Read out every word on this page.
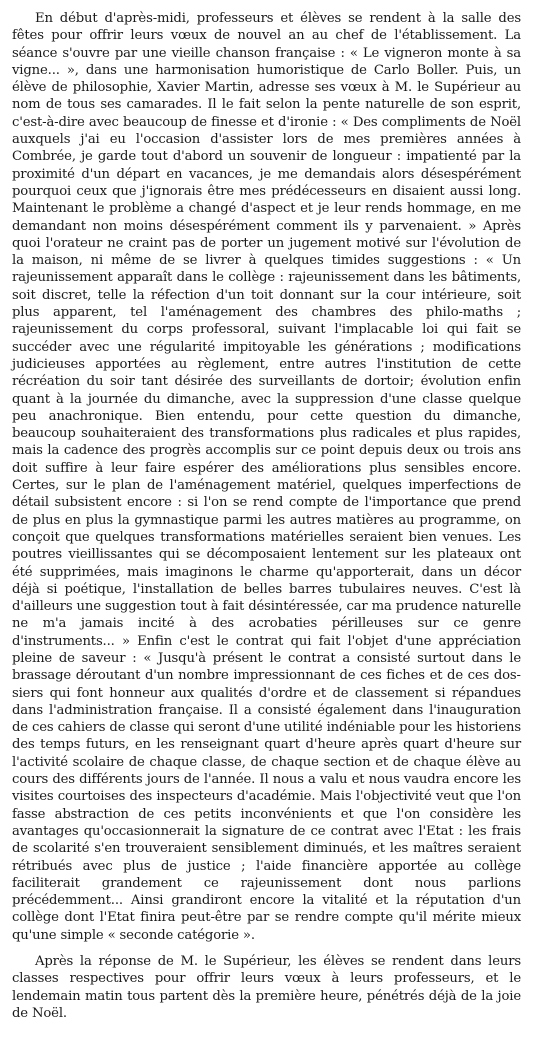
En début d'après-midi, professeurs et élèves se rendent à la salle des fêtes pour offrir leurs vœux de nouvel an au chef de l'établissement. La séance s'ouvre par une vieille chanson française : « Le vigneron monte à sa vigne... », dans une harmonisation humoristique de Carlo Boller. Puis, un élève de philosophie, Xavier Martin, adresse ses vœux à M. le Supérieur au nom de tous ses camarades. Il le fait selon la pente naturelle de son esprit, c'est-à-dire avec beaucoup de finesse et d'ironie : « Des compliments de Noël auxquels j'ai eu l'occasion d'assister lors de mes premières années à Combrée, je garde tout d'abord un souvenir de longueur : impatienté par la proximité d'un départ en vacances, je me demandais alors désespérément pourquoi ceux que j'ignorais être mes prédécesseurs en disaient aussi long. Maintenant le problème a changé d'aspect et je leur rends hommage, en me demandant non moins désespérément comment ils y parvenaient. » Après quoi l'orateur ne craint pas de porter un jugement motivé sur l'évolution de la maison, ni même de se livrer à quelques timides suggestions : « Un rajeunissement apparaît dans le collège : rajeunissement dans les bâtiments, soit discret, telle la réfection d'un toit donnant sur la cour intérieure, soit plus apparent, tel l'aménagement des chambres des philo-maths ; rajeunissement du corps professoral, suivant l'implacable loi qui fait se succéder avec une régularité impitoyable les générations ; modifications judicieuses apportées au règlement, entre autres l'institution de cette récréation du soir tant désirée des surveillants de dortoir; évolution enfin quant à la journée du dimanche, avec la suppression d'une classe quelque peu anachronique. Bien entendu, pour cette question du dimanche, beaucoup souhaiteraient des transformations plus radicales et plus rapides, mais la cadence des progrès accomplis sur ce point depuis deux ou trois ans doit suffire à leur faire espérer des améliorations plus sensibles encore. Certes, sur le plan de l'aménagement matériel, quelques imperfections de détail subsistent encore : si l'on se rend compte de l'importance que prend de plus en plus la gymnastique parmi les autres matières au programme, on conçoit que quelques transformations matérielles seraient bien venues. Les poutres vieillissantes qui se décomposaient lentement sur les plateaux ont été supprimées, mais imaginons le charme qu'apporterait, dans un décor déjà si poétique, l'installation de belles barres tubulaires neuves. C'est là d'ailleurs une suggestion tout à fait désintéressée, car ma prudence naturelle ne m'a jamais incité à des acrobaties périlleuses sur ce genre d'instruments... » Enfin c'est le contrat qui fait l'objet d'une appréciation pleine de saveur : « Jusqu'à présent le contrat a consisté surtout dans le brassage déroutant d'un nombre impressionnant de ces fiches et de ces dossiers qui font honneur aux qualités d'ordre et de classement si répandues dans l'administration française. Il a consisté également dans l'inauguration de ces cahiers de classe qui seront d'une utilité indéniable pour les historiens des temps futurs, en les renseignant quart d'heure après quart d'heure sur l'activité scolaire de chaque classe, de chaque section et de chaque élève au cours des différents jours de l'année. Il nous a valu et nous vaudra encore les visites courtoises des inspecteurs d'académie. Mais l'objectivité veut que l'on fasse abstraction de ces petits inconvénients et que l'on considère les avantages qu'occasionnerait la signature de ce contrat avec l'Etat : les frais de scolarité s'en trouveraient sensiblement diminués, et les maîtres seraient rétribués avec plus de justice ; l'aide financière apportée au collège faciliterait grandement ce rajeunissement dont nous parlions précédemment... Ainsi grandiront encore la vitalité et la réputation d'un collège dont l'Etat finira peut-être par se rendre compte qu'il mérite mieux qu'une simple « seconde catégorie ».

Après la réponse de M. le Supérieur, les élèves se rendent dans leurs classes respectives pour offrir leurs vœux à leurs professeurs, et le lendemain matin tous partent dès la première heure, pénétrés déjà de la joie de Noël.
